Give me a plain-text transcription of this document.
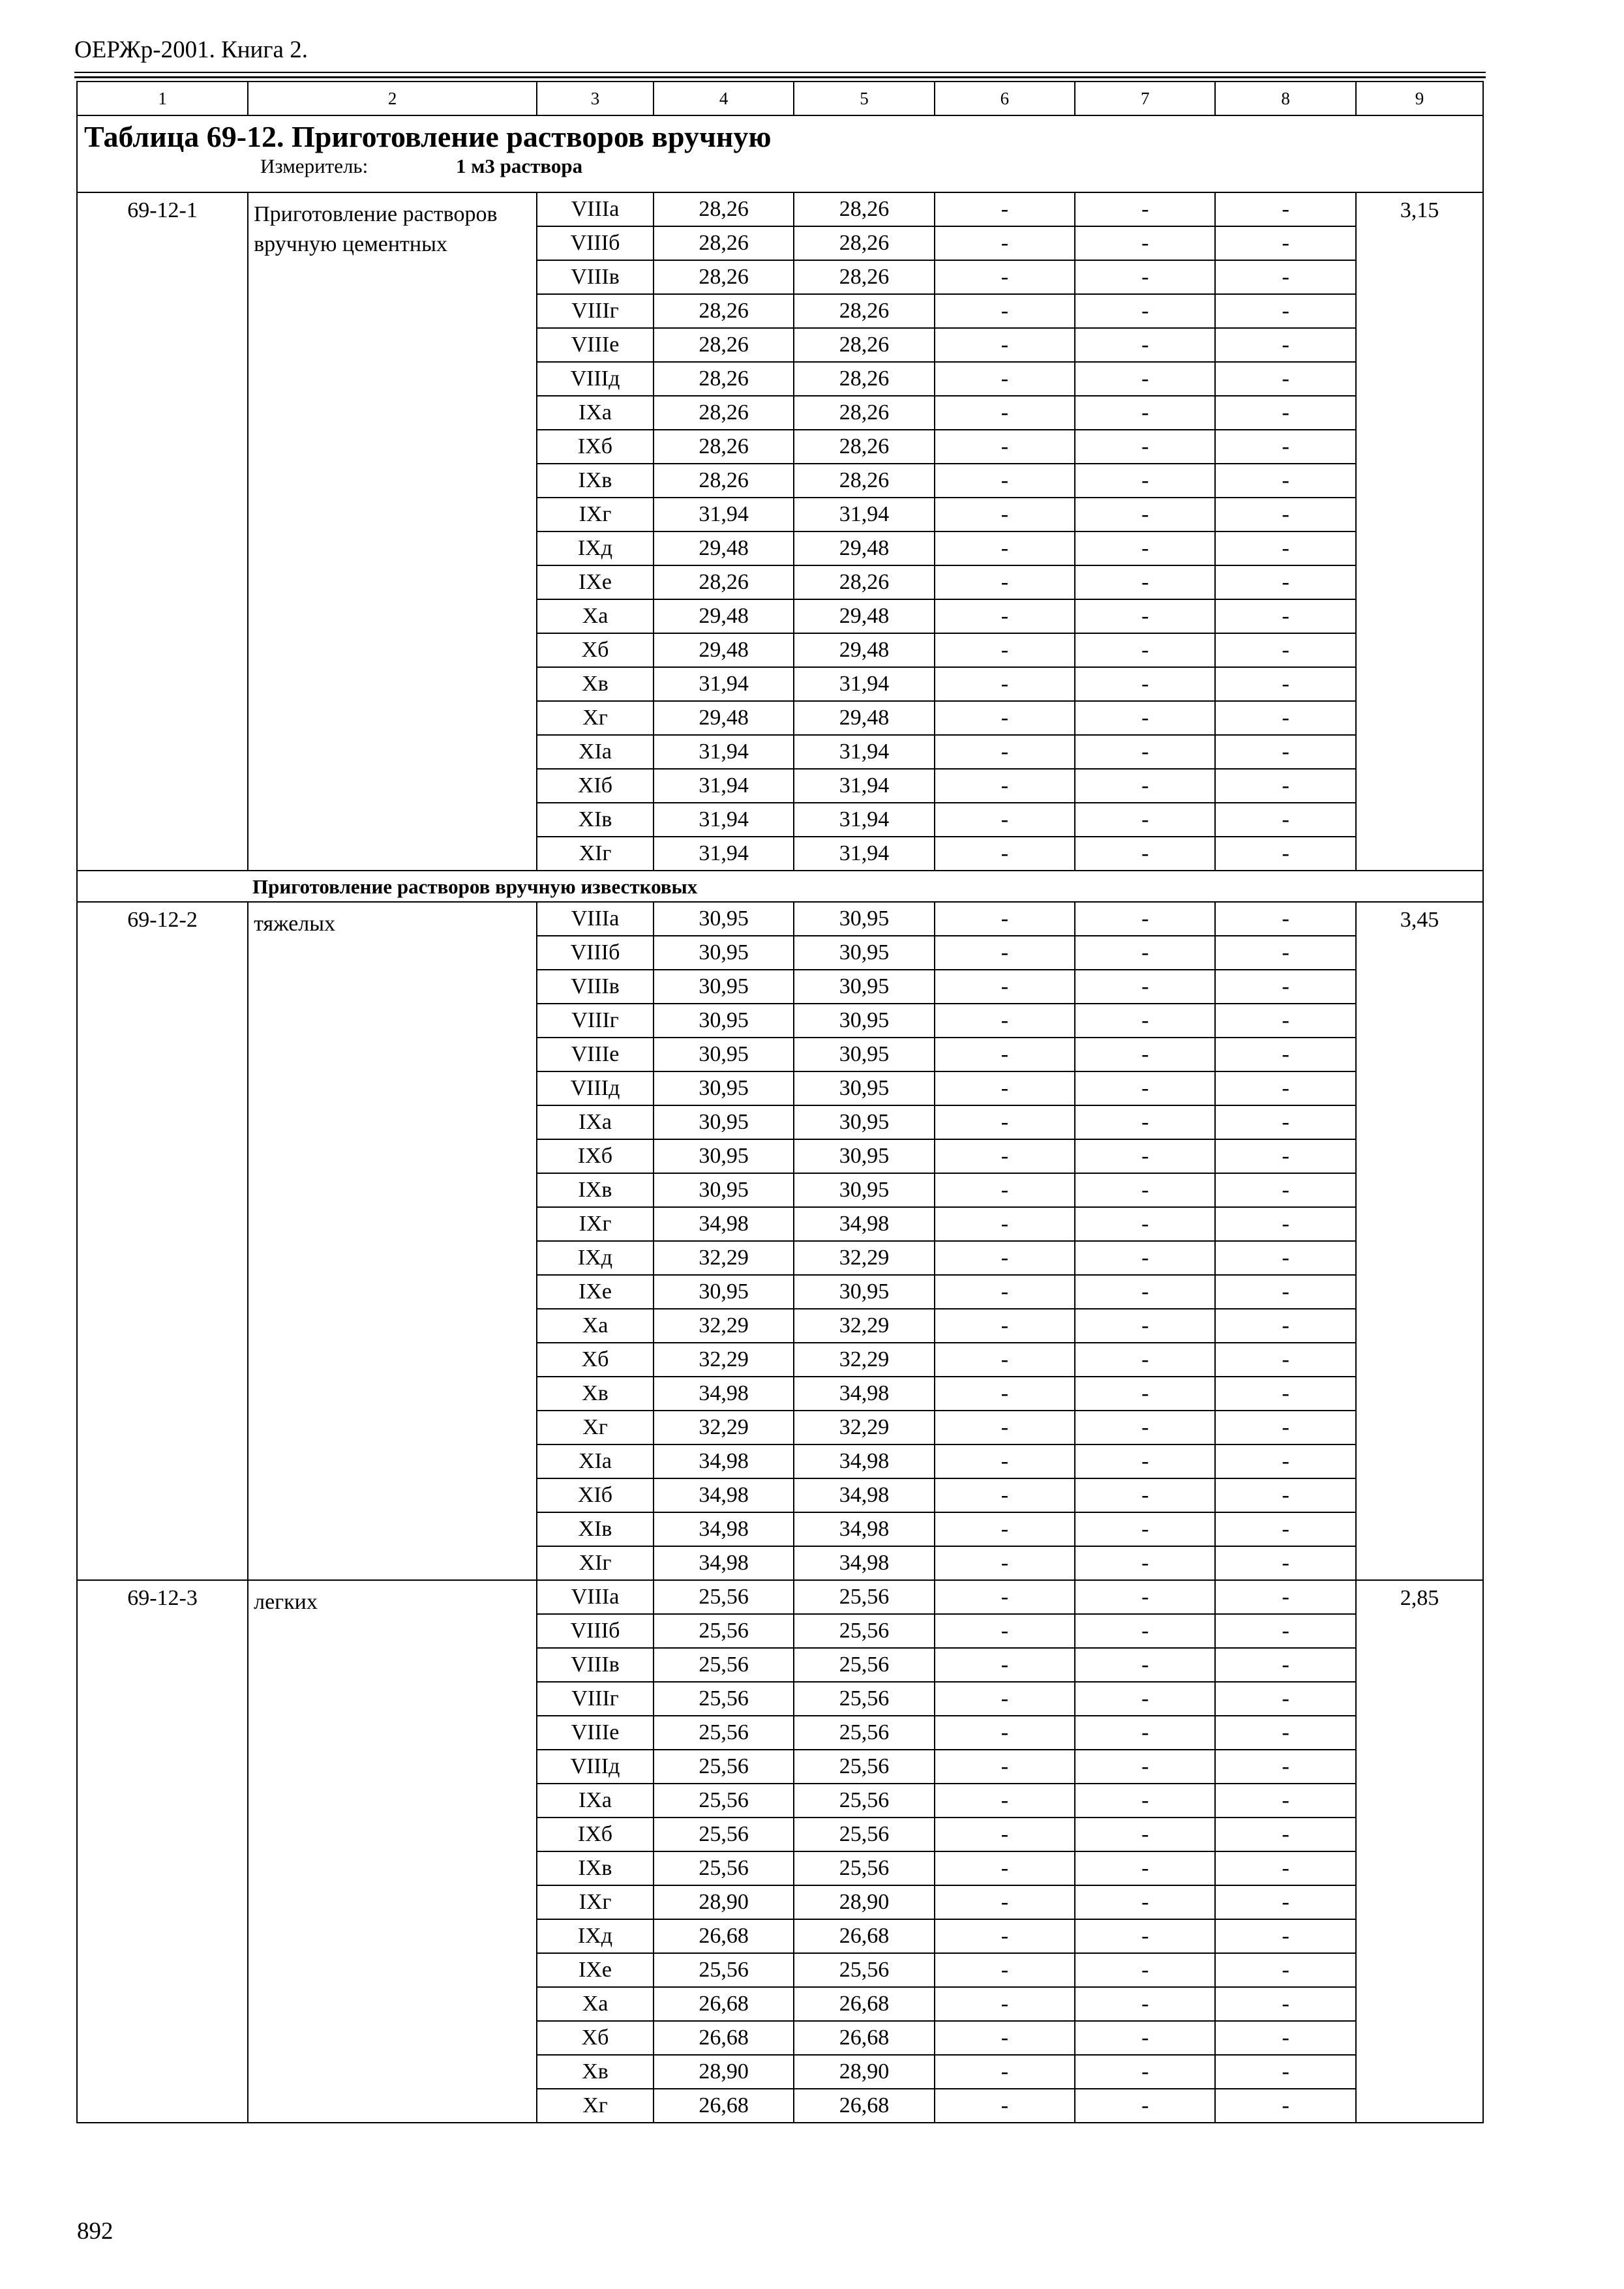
ОЕРЖр-2001. Книга 2.
1	2	3	4	5	6	7	8	9

Таблица 69-12. Приготовление растворов вручную
Измеритель: 1 м3 раствора								

69-12-1	Приготовление растворов вручную цементных	VIIIа	28,26	28,26	-	-	-	3,15
		VIIIб	28,26	28,26	-	-	-	
		VIIIв	28,26	28,26	-	-	-	
		VIIIг	28,26	28,26	-	-	-	
		VIIIе	28,26	28,26	-	-	-	
		VIIIд	28,26	28,26	-	-	-	
		IXа	28,26	28,26	-	-	-	
		IXб	28,26	28,26	-	-	-	
		IXв	28,26	28,26	-	-	-	
		IXг	31,94	31,94	-	-	-	
		IXд	29,48	29,48	-	-	-	
		IXе	28,26	28,26	-	-	-	
		Xа	29,48	29,48	-	-	-	
		Xб	29,48	29,48	-	-	-	
		Xв	31,94	31,94	-	-	-	
		Xг	29,48	29,48	-	-	-	
		XIа	31,94	31,94	-	-	-	
		XIб	31,94	31,94	-	-	-	
		XIв	31,94	31,94	-	-	-	
		XIг	31,94	31,94	-	-	-	
Приготовление растворов вручную известковых								
69-12-2	тяжелых	VIIIа	30,95	30,95	-	-	-	3,45
		VIIIб	30,95	30,95	-	-	-	
		VIIIв	30,95	30,95	-	-	-	
		VIIIг	30,95	30,95	-	-	-	
		VIIIе	30,95	30,95	-	-	-	
		VIIIд	30,95	30,95	-	-	-	
		IXа	30,95	30,95	-	-	-	
		IXб	30,95	30,95	-	-	-	
		IXв	30,95	30,95	-	-	-	
		IXг	34,98	34,98	-	-	-	
		IXд	32,29	32,29	-	-	-	
		IXе	30,95	30,95	-	-	-	
		Xа	32,29	32,29	-	-	-	
		Xб	32,29	32,29	-	-	-	
		Xв	34,98	34,98	-	-	-	
		Xг	32,29	32,29	-	-	-	
		XIа	34,98	34,98	-	-	-	
		XIб	34,98	34,98	-	-	-	
		XIв	34,98	34,98	-	-	-	
		XIг	34,98	34,98	-	-	-	
69-12-3	легких	VIIIа	25,56	25,56	-	-	-	2,85
		VIIIб	25,56	25,56	-	-	-	
		VIIIв	25,56	25,56	-	-	-	
		VIIIг	25,56	25,56	-	-	-	
		VIIIе	25,56	25,56	-	-	-	
		VIIIд	25,56	25,56	-	-	-	
		IXа	25,56	25,56	-	-	-	
		IXб	25,56	25,56	-	-	-	
		IXв	25,56	25,56	-	-	-	
		IXг	28,90	28,90	-	-	-	
		IXд	26,68	26,68	-	-	-	
		IXе	25,56	25,56	-	-	-	
		Xа	26,68	26,68	-	-	-	
		Xб	26,68	26,68	-	-	-	
		Xв	28,90	28,90	-	-	-	
		Xг	26,68	26,68	-	-	-	
892
